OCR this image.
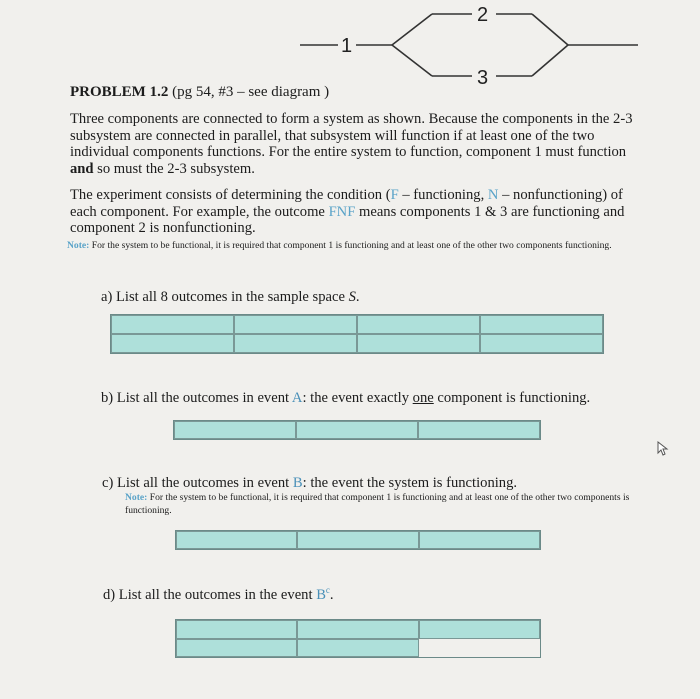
1
2
3
PROBLEM 1.2 (pg 54, #3 – see diagram )
Three components are connected to form a system as shown. Because the components in the 2-3 subsystem are connected in parallel, that subsystem will function if at least one of the two individual components functions. For the entire system to function, component 1 must function and so must the 2-3 subsystem.
The experiment consists of determining the condition (F – functioning, N – nonfunctioning) of each component. For example, the outcome FNF means components 1 & 3 are functioning and component 2 is nonfunctioning.
Note: For the system to be functional, it is required that component 1 is functioning and at least one of the other two components functioning.
a) List all 8 outcomes in the sample space S.
b) List all the outcomes in event A: the event exactly one component is functioning.
c) List all the outcomes in event B: the event the system is functioning.
Note: For the system to be functional, it is required that component 1 is functioning and at least one of the other two components is functioning.
d) List all the outcomes in the event $B^c$.
